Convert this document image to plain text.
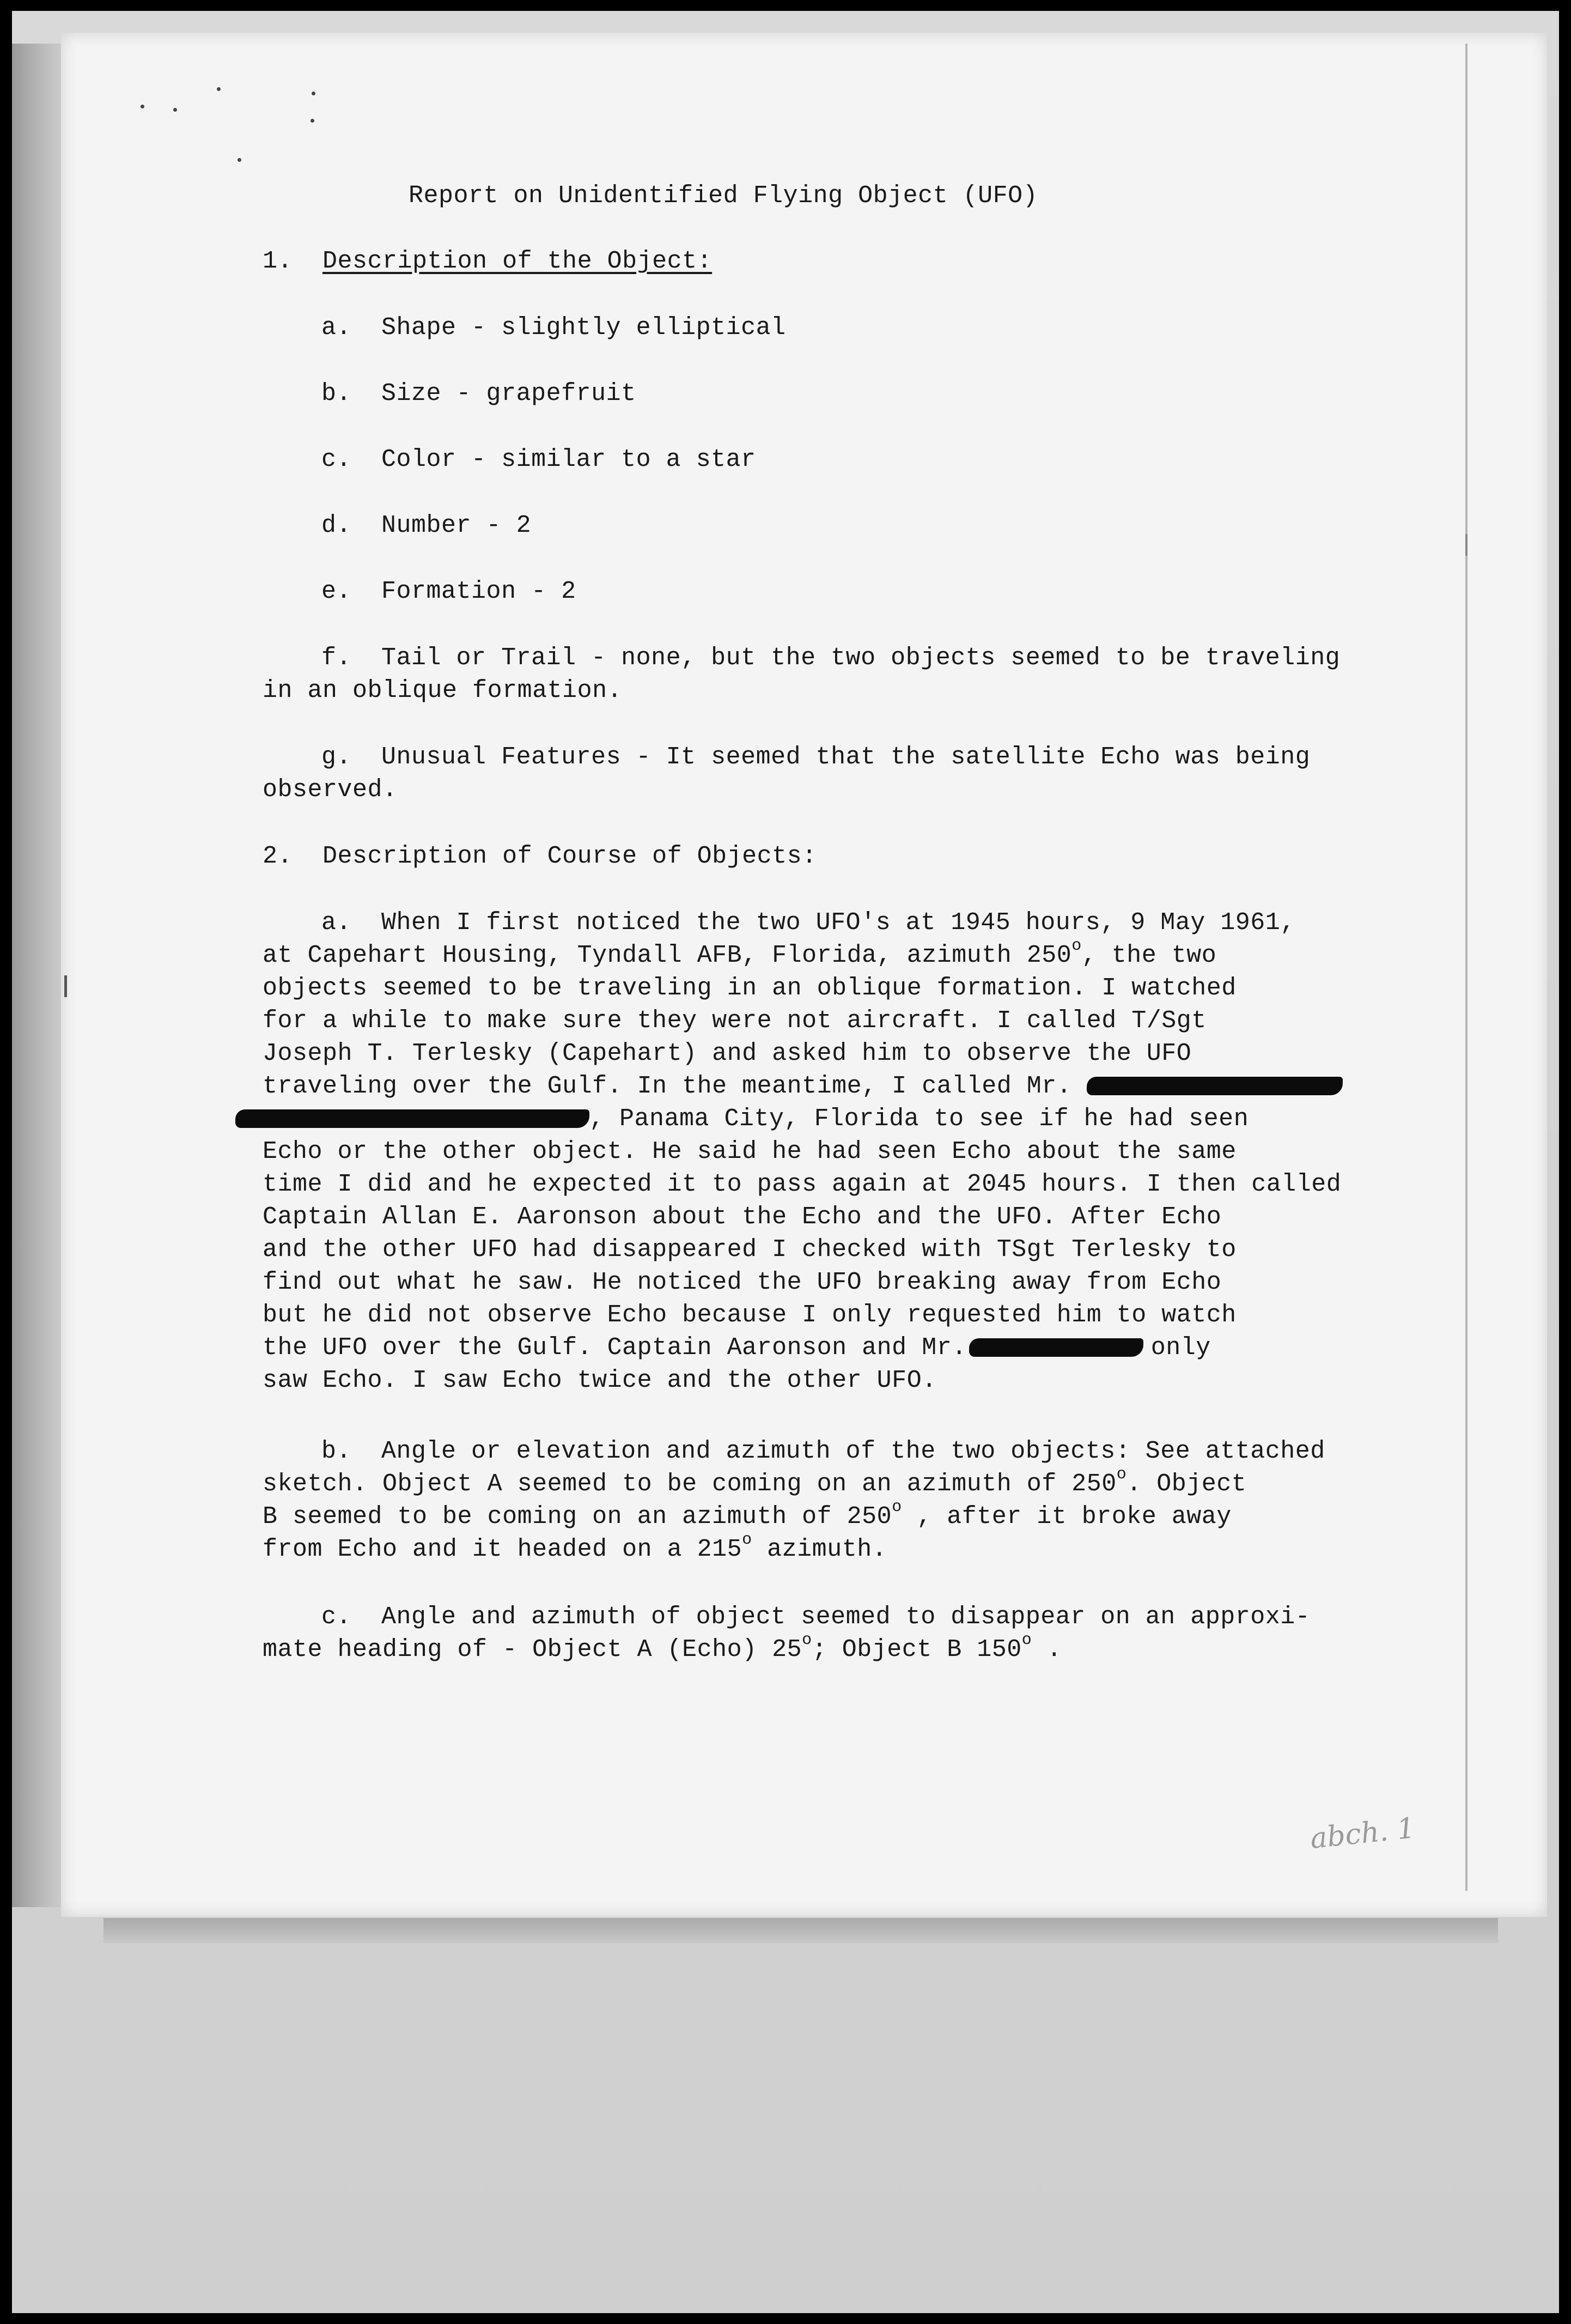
Report on Unidentified Flying Object (UFO)
1. Description of the Object:
a. Shape - slightly elliptical
b. Size - grapefruit
c. Color - similar to a star
d. Number - 2
e. Formation - 2
f. Tail or Trail - none, but the two objects seemed to be traveling
in an oblique formation.
g. Unusual Features - It seemed that the satellite Echo was being
observed.
2. Description of Course of Objects:
a. When I first noticed the two UFO's at 1945 hours, 9 May 1961,
at Capehart Housing, Tyndall AFB, Florida, azimuth 250$^o$, the two
objects seemed to be traveling in an oblique formation. I watched
for a while to make sure they were not aircraft. I called T/Sgt
Joseph T. Terlesky (Capehart) and asked him to observe the UFO
traveling over the Gulf. In the meantime, I called Mr.
, Panama City, Florida to see if he had seen
Echo or the other object. He said he had seen Echo about the same
time I did and he expected it to pass again at 2045 hours. I then called
Captain Allan E. Aaronson about the Echo and the UFO. After Echo
and the other UFO had disappeared I checked with TSgt Terlesky to
find out what he saw. He noticed the UFO breaking away from Echo
but he did not observe Echo because I only requested him to watch
the UFO over the Gulf. Captain Aaronson and Mr.	only
saw Echo. I saw Echo twice and the other UFO.
b. Angle or elevation and azimuth of the two objects: See attached
sketch. Object A seemed to be coming on an azimuth of 250$^o$. Object
B seemed to be coming on an azimuth of 250$^o$ , after it broke away
from Echo and it headed on a 215$^o$ azimuth.
c. Angle and azimuth of object seemed to disappear on an approxi-
mate heading of - Object A (Echo) 25$^o$; Object B 150$^o$ .
abch. 1
